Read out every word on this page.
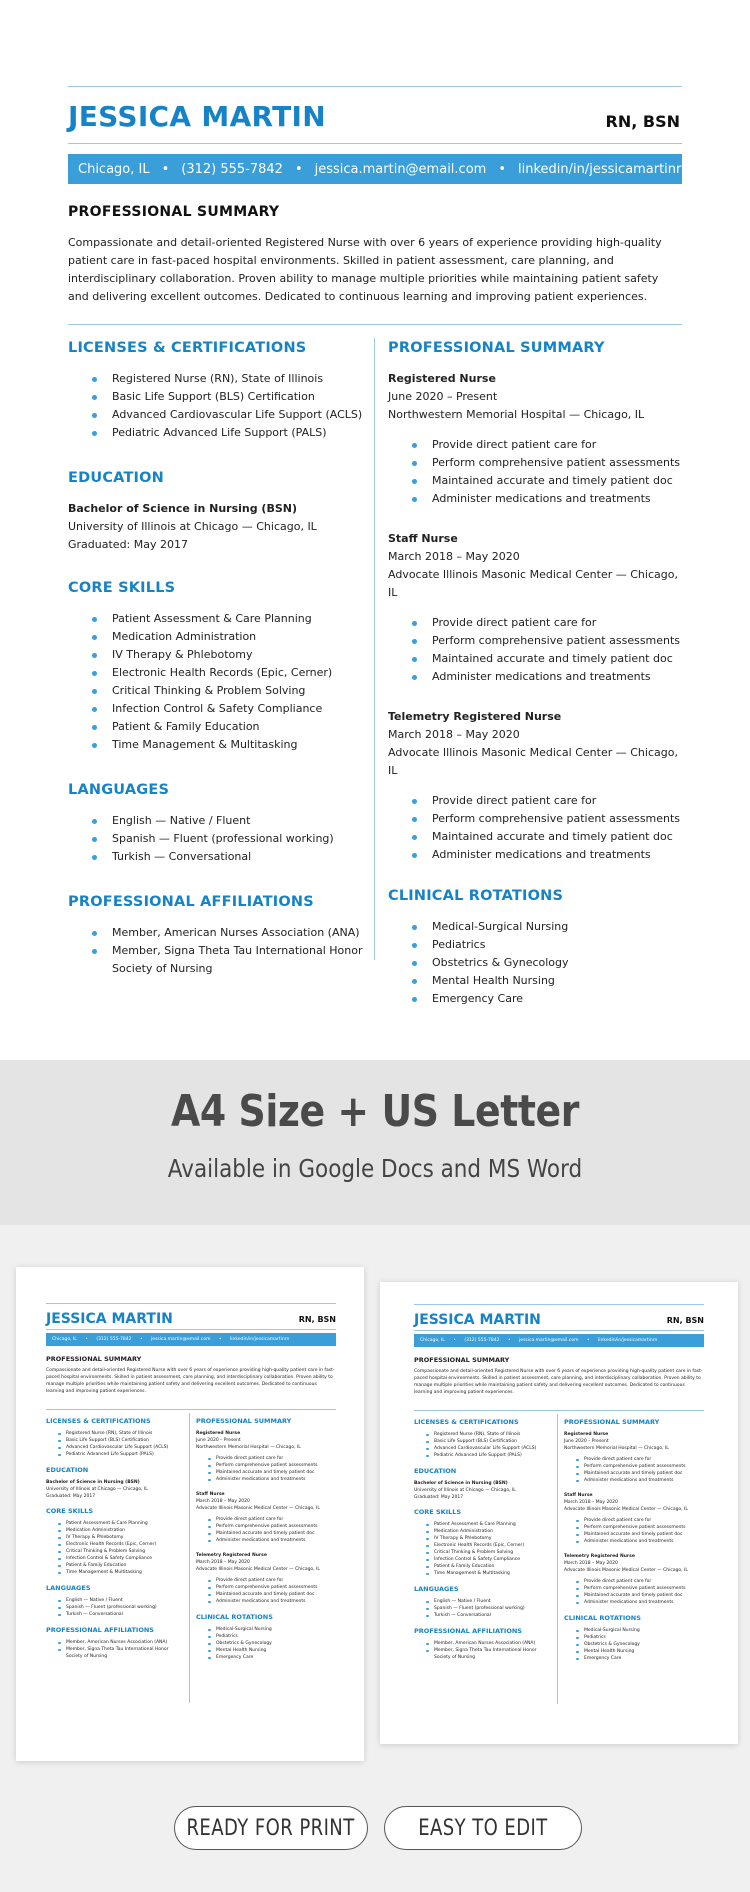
JESSICA MARTIN	RN, BSN
Chicago, IL • (312) 555-7842 • jessica.martin@email.com • linkedin/in/jessicamartinrn
PROFESSIONAL SUMMARY
Compassionate and detail-oriented Registered Nurse with over 6 years of experience providing high-quality patient care in fast-paced hospital environments. Skilled in patient assessment, care planning, and interdisciplinary collaboration. Proven ability to manage multiple priorities while maintaining patient safety and delivering excellent outcomes. Dedicated to continuous learning and improving patient experiences.
LICENSES & CERTIFICATIONS
Registered Nurse (RN), State of Illinois
Basic Life Support (BLS) Certification
Advanced Cardiovascular Life Support (ACLS)
Pediatric Advanced Life Support (PALS)
EDUCATION
Bachelor of Science in Nursing (BSN)
University of Illinois at Chicago — Chicago, IL
Graduated: May 2017
CORE SKILLS
Patient Assessment & Care Planning
Medication Administration
IV Therapy & Phlebotomy
Electronic Health Records (Epic, Cerner)
Critical Thinking & Problem Solving
Infection Control & Safety Compliance
Patient & Family Education
Time Management & Multitasking
LANGUAGES
English — Native / Fluent
Spanish — Fluent (professional working)
Turkish — Conversational
PROFESSIONAL AFFILIATIONS
Member, American Nurses Association (ANA)
Member, Signa Theta Tau International Honor Society of Nursing
PROFESSIONAL SUMMARY
Registered Nurse
June 2020 – Present
Northwestern Memorial Hospital — Chicago, IL
Provide direct patient care for
Perform comprehensive patient assessments
Maintained accurate and timely patient doc
Administer medications and treatments
Staff Nurse
March 2018 – May 2020
Advocate Illinois Masonic Medical Center — Chicago, IL
Provide direct patient care for
Perform comprehensive patient assessments
Maintained accurate and timely patient doc
Administer medications and treatments
Telemetry Registered Nurse
March 2018 – May 2020
Advocate Illinois Masonic Medical Center — Chicago, IL
Provide direct patient care for
Perform comprehensive patient assessments
Maintained accurate and timely patient doc
Administer medications and treatments
CLINICAL ROTATIONS
Medical-Surgical Nursing
Pediatrics
Obstetrics & Gynecology
Mental Health Nursing
Emergency Care
A4 Size + US Letter
Available in Google Docs and MS Word
JESSICA MARTIN	RN, BSN
Chicago, IL • (312) 555-7842 • jessica.martin@email.com • linkedin/in/jessicamartinrn
PROFESSIONAL SUMMARY
Compassionate and detail-oriented Registered Nurse with over 6 years of experience providing high-quality patient care in fast-paced hospital environments. Skilled in patient assessment, care planning, and interdisciplinary collaboration. Proven ability to manage multiple priorities while maintaining patient safety and delivering excellent outcomes. Dedicated to continuous learning and improving patient experiences.
LICENSES & CERTIFICATIONS
Registered Nurse (RN), State of Illinois
Basic Life Support (BLS) Certification
Advanced Cardiovascular Life Support (ACLS)
Pediatric Advanced Life Support (PALS)
EDUCATION
Bachelor of Science in Nursing (BSN)
University of Illinois at Chicago — Chicago, IL
Graduated: May 2017
CORE SKILLS
Patient Assessment & Care Planning
Medication Administration
IV Therapy & Phlebotomy
Electronic Health Records (Epic, Cerner)
Critical Thinking & Problem Solving
Infection Control & Safety Compliance
Patient & Family Education
Time Management & Multitasking
LANGUAGES
English — Native / Fluent
Spanish — Fluent (professional working)
Turkish — Conversational
PROFESSIONAL AFFILIATIONS
Member, American Nurses Association (ANA)
Member, Signa Theta Tau International Honor Society of Nursing
PROFESSIONAL SUMMARY
Registered Nurse
June 2020 – Present
Northwestern Memorial Hospital — Chicago, IL
Provide direct patient care for
Perform comprehensive patient assessments
Maintained accurate and timely patient doc
Administer medications and treatments
Staff Nurse
March 2018 – May 2020
Advocate Illinois Masonic Medical Center — Chicago, IL
Provide direct patient care for
Perform comprehensive patient assessments
Maintained accurate and timely patient doc
Administer medications and treatments
Telemetry Registered Nurse
March 2018 – May 2020
Advocate Illinois Masonic Medical Center — Chicago, IL
Provide direct patient care for
Perform comprehensive patient assessments
Maintained accurate and timely patient doc
Administer medications and treatments
CLINICAL ROTATIONS
Medical-Surgical Nursing
Pediatrics
Obstetrics & Gynecology
Mental Health Nursing
Emergency Care
JESSICA MARTIN	RN, BSN
Chicago, IL • (312) 555-7842 • jessica.martin@email.com • linkedin/in/jessicamartinrn
PROFESSIONAL SUMMARY
Compassionate and detail-oriented Registered Nurse with over 6 years of experience providing high-quality patient care in fast-paced hospital environments. Skilled in patient assessment, care planning, and interdisciplinary collaboration. Proven ability to manage multiple priorities while maintaining patient safety and delivering excellent outcomes. Dedicated to continuous learning and improving patient experiences.
LICENSES & CERTIFICATIONS
Registered Nurse (RN), State of Illinois
Basic Life Support (BLS) Certification
Advanced Cardiovascular Life Support (ACLS)
Pediatric Advanced Life Support (PALS)
EDUCATION
Bachelor of Science in Nursing (BSN)
University of Illinois at Chicago — Chicago, IL
Graduated: May 2017
CORE SKILLS
Patient Assessment & Care Planning
Medication Administration
IV Therapy & Phlebotomy
Electronic Health Records (Epic, Cerner)
Critical Thinking & Problem Solving
Infection Control & Safety Compliance
Patient & Family Education
Time Management & Multitasking
LANGUAGES
English — Native / Fluent
Spanish — Fluent (professional working)
Turkish — Conversational
PROFESSIONAL AFFILIATIONS
Member, American Nurses Association (ANA)
Member, Signa Theta Tau International Honor Society of Nursing
PROFESSIONAL SUMMARY
Registered Nurse
June 2020 – Present
Northwestern Memorial Hospital — Chicago, IL
Provide direct patient care for
Perform comprehensive patient assessments
Maintained accurate and timely patient doc
Administer medications and treatments
Staff Nurse
March 2018 – May 2020
Advocate Illinois Masonic Medical Center — Chicago, IL
Provide direct patient care for
Perform comprehensive patient assessments
Maintained accurate and timely patient doc
Administer medications and treatments
Telemetry Registered Nurse
March 2018 – May 2020
Advocate Illinois Masonic Medical Center — Chicago, IL
Provide direct patient care for
Perform comprehensive patient assessments
Maintained accurate and timely patient doc
Administer medications and treatments
CLINICAL ROTATIONS
Medical-Surgical Nursing
Pediatrics
Obstetrics & Gynecology
Mental Health Nursing
Emergency Care
READY FOR PRINT	EASY TO EDIT
